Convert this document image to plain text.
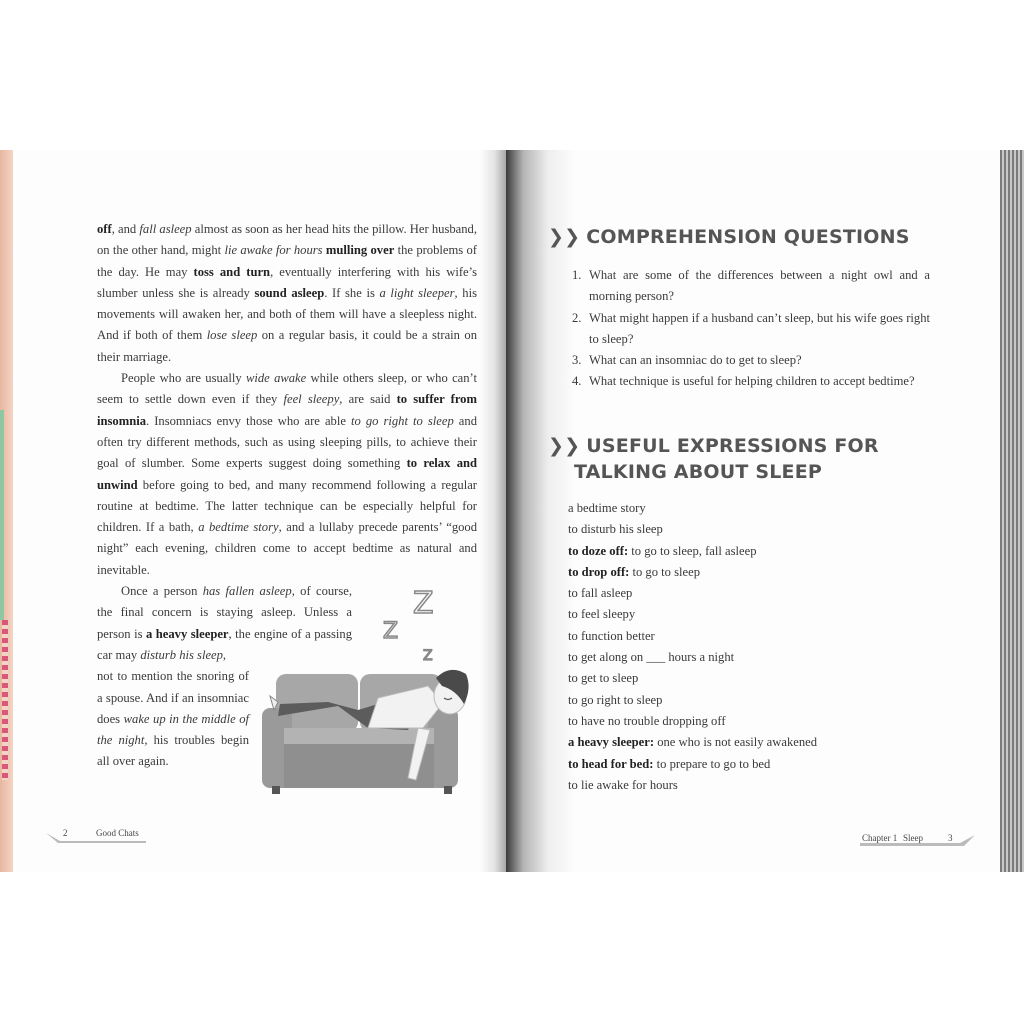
off, and fall asleep almost as soon as her head hits the pillow. Her husband, on the other hand, might lie awake for hours mulling over the problems of the day. He may toss and turn, eventually interfering with his wife’s slumber unless she is already sound asleep. If she is a light sleeper, his movements will awaken her, and both of them will have a sleepless night. And if both of them lose sleep on a regular basis, it could be a strain on their marriage.

People who are usually wide awake while others sleep, or who can’t seem to settle down even if they feel sleepy, are said to suffer from insomnia. Insomniacs envy those who are able to go right to sleep and often try different methods, such as using sleeping pills, to achieve their goal of slumber. Some experts suggest doing something to relax and unwind before going to bed, and many recommend following a regular routine at bedtime. The latter technique can be especially helpful for children. If a bath, a bedtime story, and a lullaby precede parents’ “good night” each evening, children come to accept bedtime as natural and inevitable.

Once a person has fallen asleep, of course, the final concern is staying asleep. Unless a person is a heavy sleeper, the engine of a passing car may disturb his sleep,

not to mention the snoring of a spouse. And if an insomniac does wake up in the middle of the night, his troubles begin all over again.

Z
Z
Z
❯❯ COMPREHENSION QUESTIONS
1. What are some of the differences between a night owl and a morning person?
2. What might happen if a husband can’t sleep, but his wife goes right to sleep?
3. What can an insomniac do to get to sleep?
4. What technique is useful for helping children to accept bedtime?
❯❯ USEFUL EXPRESSIONS FOR
TALKING ABOUT SLEEP
a bedtime story
to disturb his sleep
to doze off: to go to sleep, fall asleep
to drop off: to go to sleep
to fall asleep
to feel sleepy
to function better
to get along on ___ hours a night
to get to sleep
to go right to sleep
to have no trouble dropping off
a heavy sleeper: one who is not easily awakened
to head for bed: to prepare to go to bed
to lie awake for hours
2	Good Chats	Chapter 1 Sleep	3
